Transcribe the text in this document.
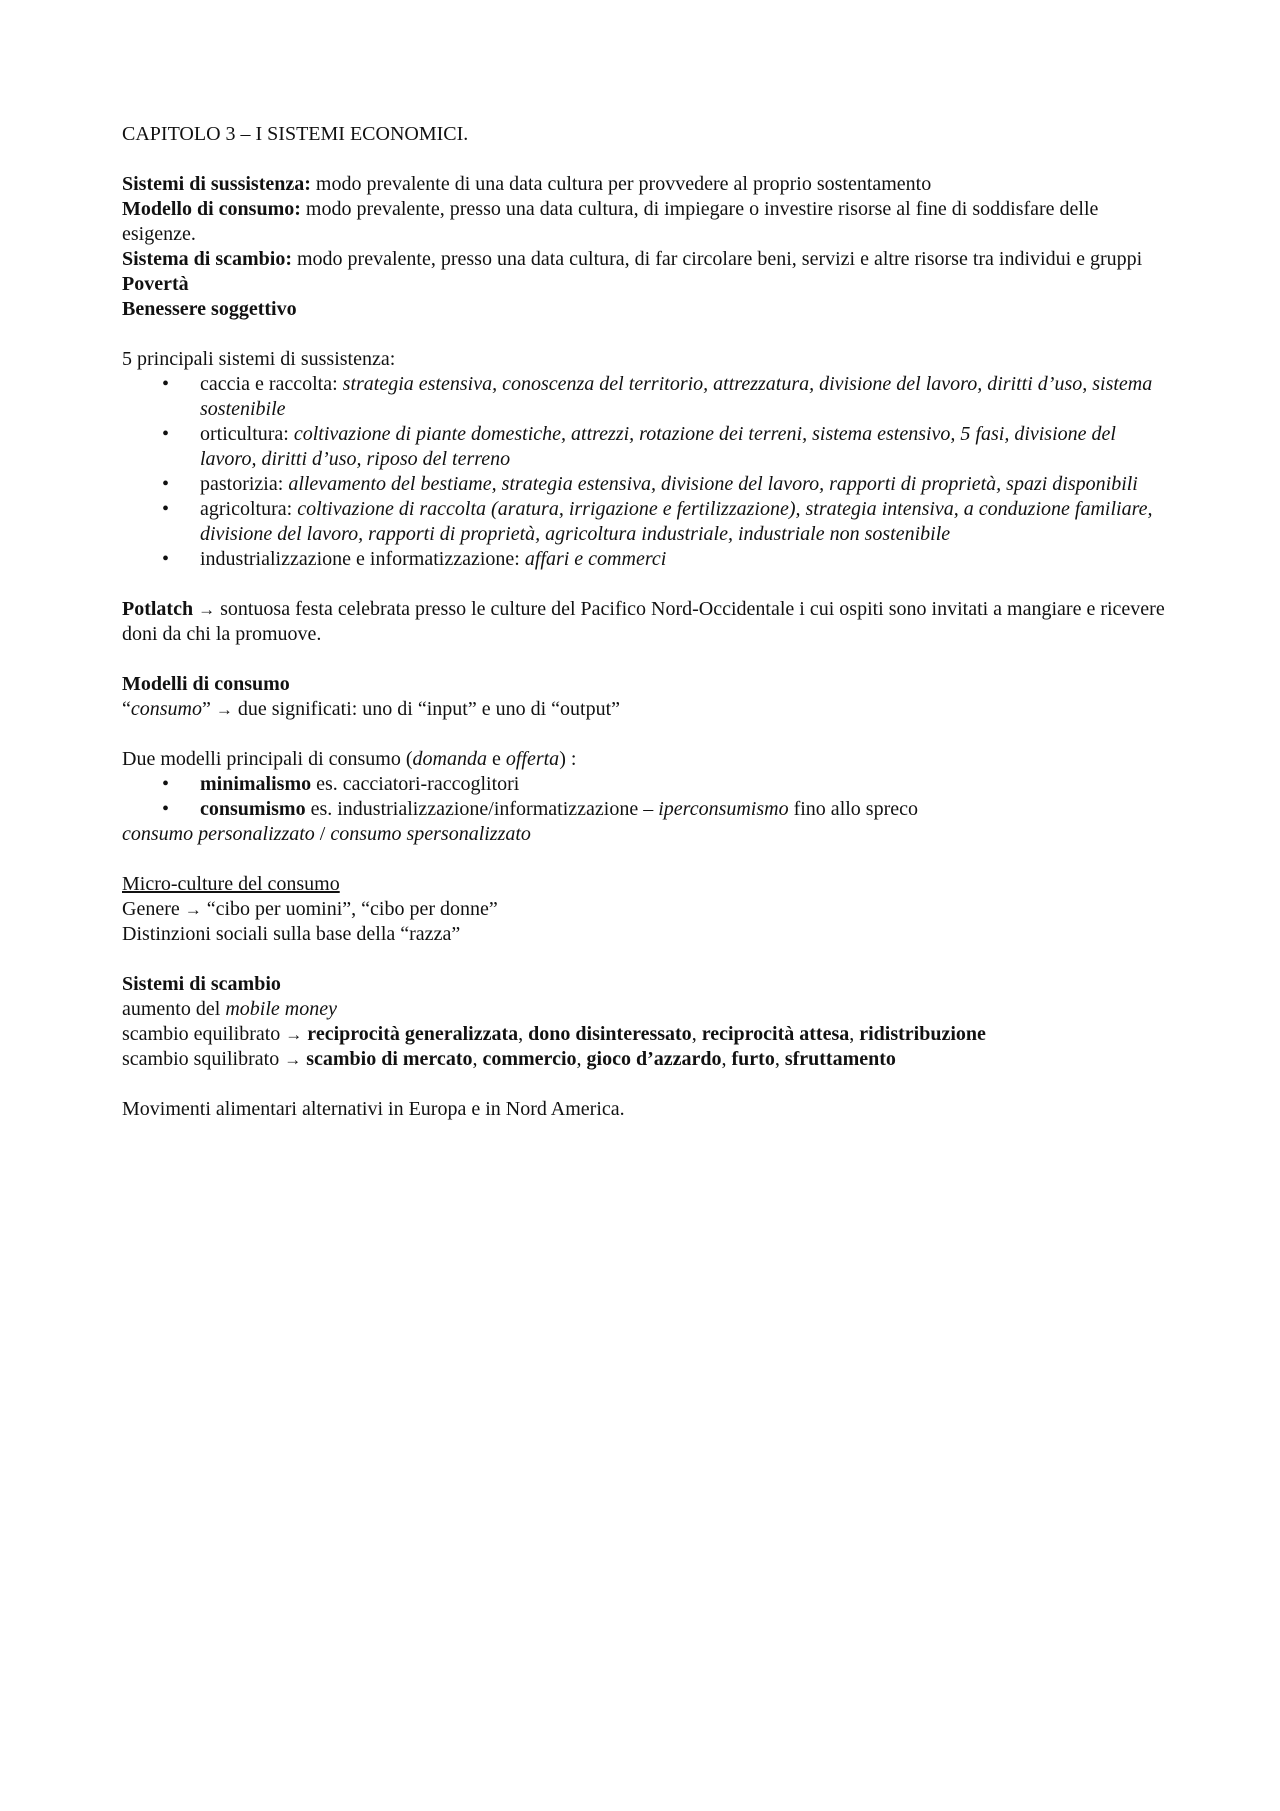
CAPITOLO 3 – I SISTEMI ECONOMICI.

Sistemi di sussistenza: modo prevalente di una data cultura per provvedere al proprio sostentamento

Modello di consumo: modo prevalente, presso una data cultura, di impiegare o investire risorse al fine di soddisfare delle esigenze.

Sistema di scambio: modo prevalente, presso una data cultura, di far circolare beni, servizi e altre risorse tra individui e gruppi

Povertà

Benessere soggettivo

5 principali sistemi di sussistenza:

• caccia e raccolta: strategia estensiva, conoscenza del territorio, attrezzatura, divisione del lavoro, diritti d’uso, sistema sostenibile
• orticultura: coltivazione di piante domestiche, attrezzi, rotazione dei terreni, sistema estensivo, 5 fasi, divisione del lavoro, diritti d’uso, riposo del terreno
• pastorizia: allevamento del bestiame, strategia estensiva, divisione del lavoro, rapporti di proprietà, spazi disponibili
• agricoltura: coltivazione di raccolta (aratura, irrigazione e fertilizzazione), strategia intensiva, a conduzione familiare, divisione del lavoro, rapporti di proprietà, agricoltura industriale, industriale non sostenibile
• industrializzazione e informatizzazione: affari e commerci

Potlatch → sontuosa festa celebrata presso le culture del Pacifico Nord-Occidentale i cui ospiti sono invitati a mangiare e ricevere doni da chi la promuove.

Modelli di consumo

“consumo” → due significati: uno di “input” e uno di “output”

Due modelli principali di consumo (domanda e offerta) :

• minimalismo es. cacciatori-raccoglitori
• consumismo es. industrializzazione/informatizzazione – iperconsumismo fino allo spreco

consumo personalizzato / consumo spersonalizzato

Micro-culture del consumo

Genere → “cibo per uomini”, “cibo per donne”

Distinzioni sociali sulla base della “razza”

Sistemi di scambio

aumento del mobile money

scambio equilibrato → reciprocità generalizzata, dono disinteressato, reciprocità attesa, ridistribuzione

scambio squilibrato → scambio di mercato, commercio, gioco d’azzardo, furto, sfruttamento

Movimenti alimentari alternativi in Europa e in Nord America.
